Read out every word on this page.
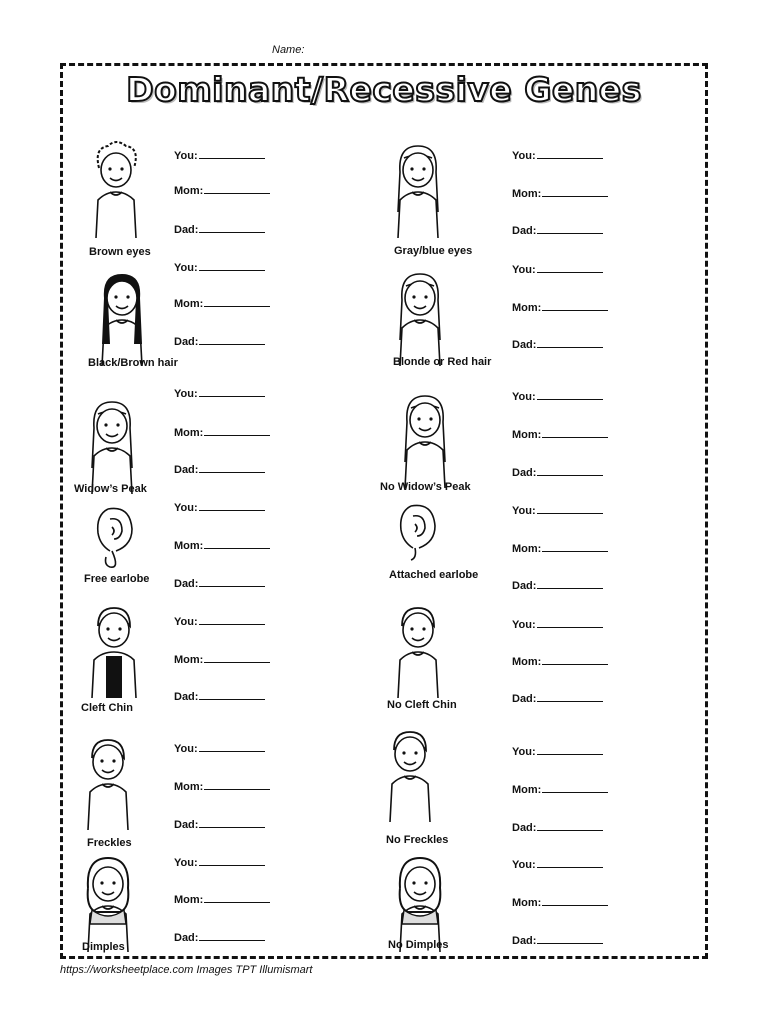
Name:
Dominant/Recessive Genes
Brown eyes
You:
Mom:
Dad:
Gray/blue eyes
You:
Mom:
Dad:
Black/Brown hair
You:
Mom:
Dad:
Blonde or Red hair
You:
Mom:
Dad:
Widow’s Peak
You:
Mom:
Dad:
No Widow’s Peak
You:
Mom:
Dad:
Free earlobe
You:
Mom:
Dad:
Attached earlobe
You:
Mom:
Dad:
Cleft Chin
You:
Mom:
Dad:
No Cleft Chin
You:
Mom:
Dad:
Freckles
You:
Mom:
Dad:
No Freckles
You:
Mom:
Dad:
Dimples
You:
Mom:
Dad:
No Dimples
You:
Mom:
Dad:
https://worksheetplace.com Images TPT Illumismart
